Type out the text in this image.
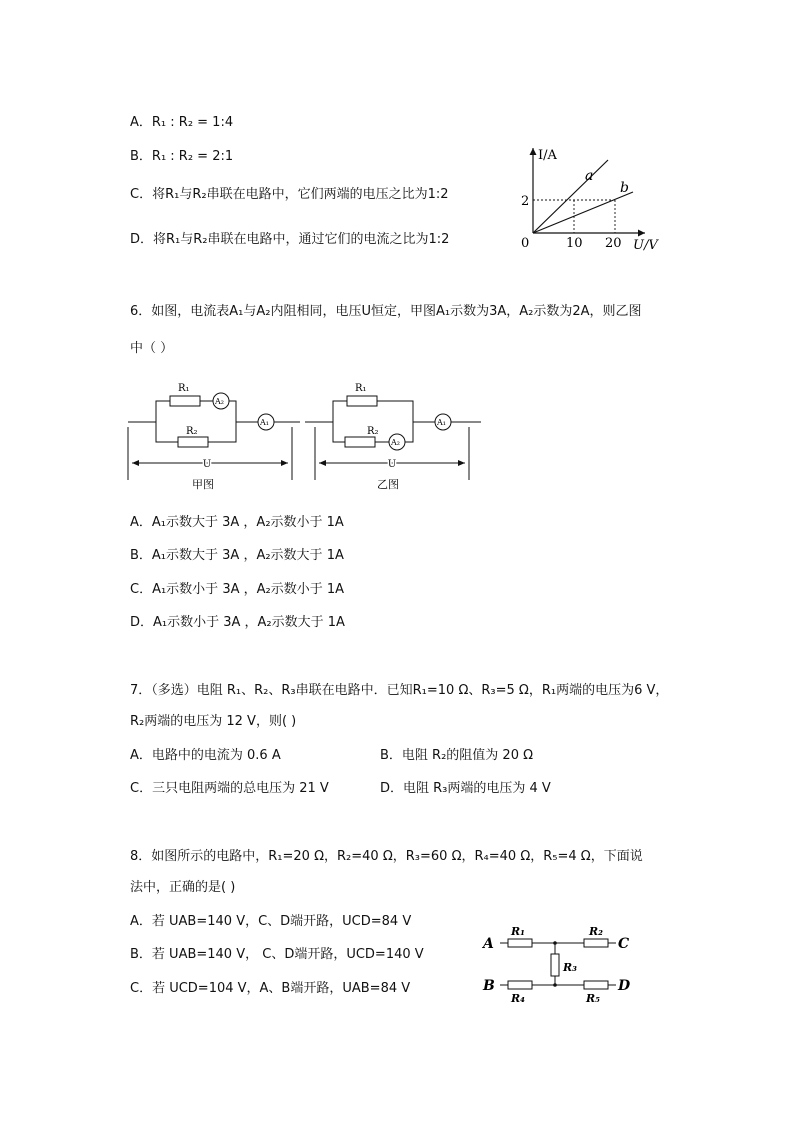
A．R₁ : R₂ = 1:4
B．R₁ : R₂ = 2:1
C．将R₁与R₂串联在电路中，它们两端的电压之比为1:2
D．将R₁与R₂串联在电路中，通过它们的电流之比为1:2
I/A
U/V
0	10 20
2
a
b
6．如图，电流表A₁与A₂内阻相同，电压U恒定，甲图A₁示数为3A，A₂示数为2A，则乙图
中（ ）
R₁
R₂
A₂
A₁
U
甲图
R₁
R₂
A₂
A₁
U
乙图
A．A₁示数大于 3A ，A₂示数小于 1A
B．A₁示数大于 3A ，A₂示数大于 1A
C．A₁示数小于 3A ，A₂示数小于 1A
D．A₁示数小于 3A ，A₂示数大于 1A
7．（多选）电阻 R₁、R₂、R₃串联在电路中．已知R₁=10 Ω、R₃=5 Ω，R₁两端的电压为6 V，
R₂两端的电压为 12 V，则( )
A．电路中的电流为 0.6 A	B．电阻 R₂的阻值为 20 Ω
C．三只电阻两端的总电压为 21 V	D．电阻 R₃两端的电压为 4 V
8．如图所示的电路中，R₁=20 Ω，R₂=40 Ω，R₃=60 Ω，R₄=40 Ω，R₅=4 Ω，下面说
法中，正确的是( )
A．若 UAB=140 V，C、D端开路，UCD=84 V
B．若 UAB=140 V， C、D端开路，UCD=140 V
C．若 UCD=104 V，A、B端开路，UAB=84 V
A
B
C
D
R₁	R₂
R₃
R₄	R₅
